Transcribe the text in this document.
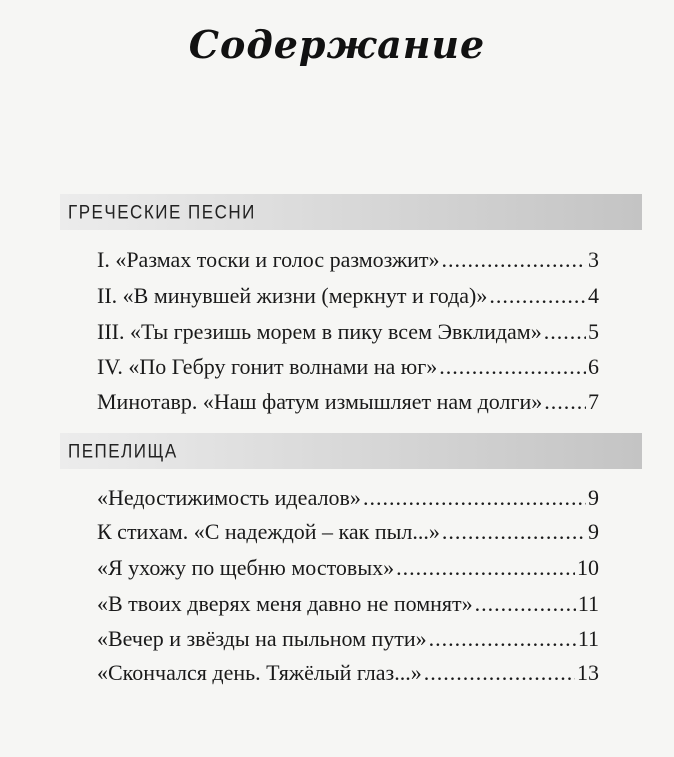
Содержание
ГРЕЧЕСКИЕ ПЕСНИ
I. «Размах тоски и голос размозжит» .....	3
II. «В минувшей жизни (меркнут и года)» .....	4
III. «Ты грезишь морем в пику всем Эвклидам» ..... 5
IV. «По Гебру гонит волнами на юг» .....	6
Минотавр. «Наш фатум измышляет нам долги» ..... 7
ПЕПЕЛИЩА
«Недостижимость идеалов» .....	9
К стихам. «С надеждой – как пыл...» .....	9
«Я ухожу по щебню мостовых» .....	10
«В твоих дверях меня давно не помнят» .....	11
«Вечер и звёзды на пыльном пути» .....	11
«Скончался день. Тяжёлый глаз...» .....	13
